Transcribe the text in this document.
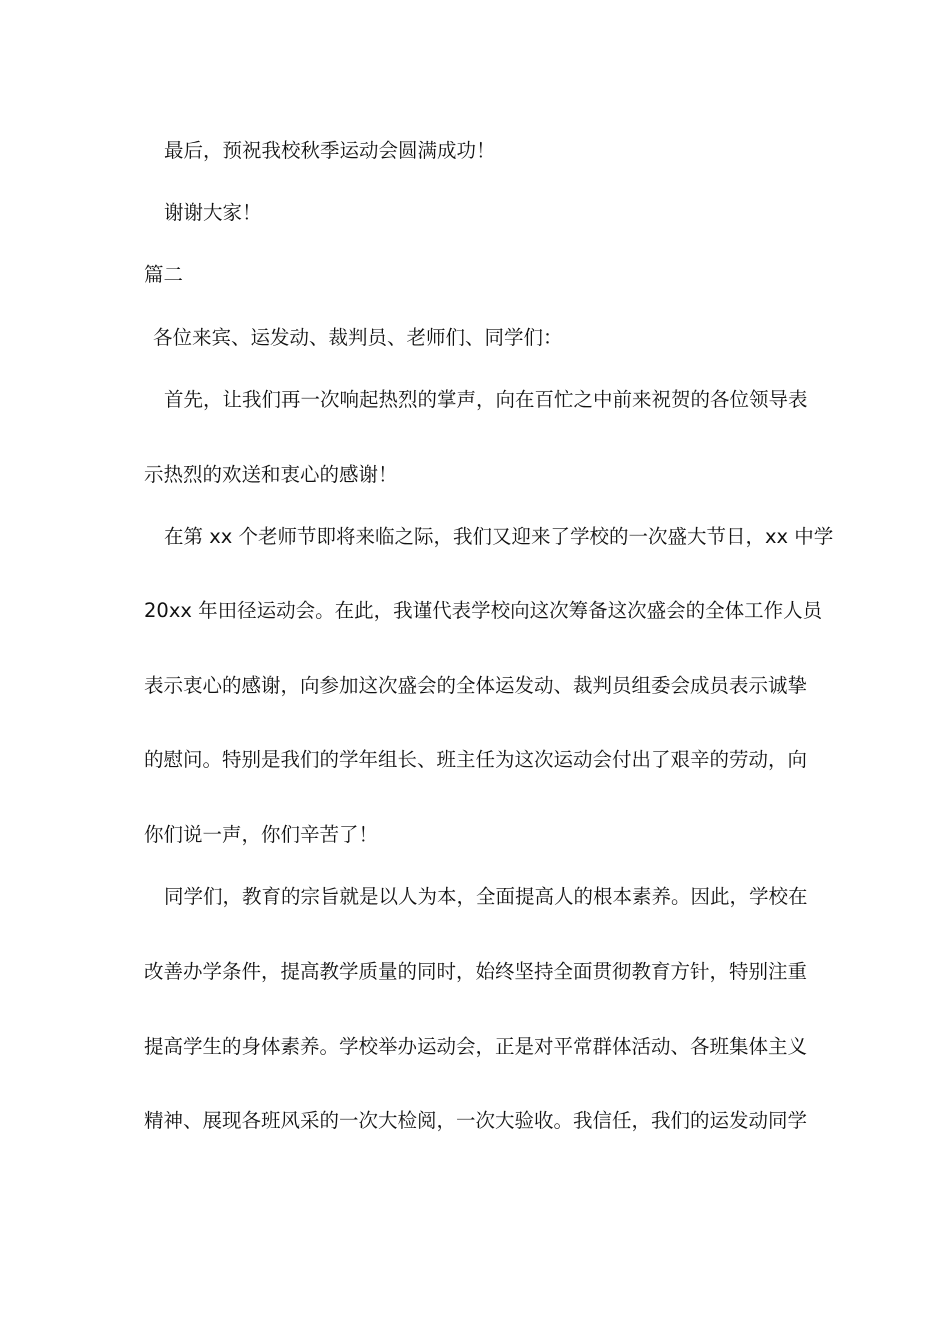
最后，预祝我校秋季运动会圆满成功！
谢谢大家！
篇二
各位来宾、运发动、裁判员、老师们、同学们：
首先，让我们再一次响起热烈的掌声，向在百忙之中前来祝贺的各位领导表
示热烈的欢送和衷心的感谢！
在第 xx 个老师节即将来临之际，我们又迎来了学校的一次盛大节日，xx 中学
20xx 年田径运动会。在此，我谨代表学校向这次筹备这次盛会的全体工作人员
表示衷心的感谢，向参加这次盛会的全体运发动、裁判员组委会成员表示诚挚
的慰问。特别是我们的学年组长、班主任为这次运动会付出了艰辛的劳动，向
你们说一声，你们辛苦了！
同学们，教育的宗旨就是以人为本，全面提高人的根本素养。因此，学校在
改善办学条件，提高教学质量的同时，始终坚持全面贯彻教育方针，特别注重
提高学生的身体素养。学校举办运动会，正是对平常群体活动、各班集体主义
精神、展现各班风采的一次大检阅，一次大验收。我信任，我们的运发动同学
